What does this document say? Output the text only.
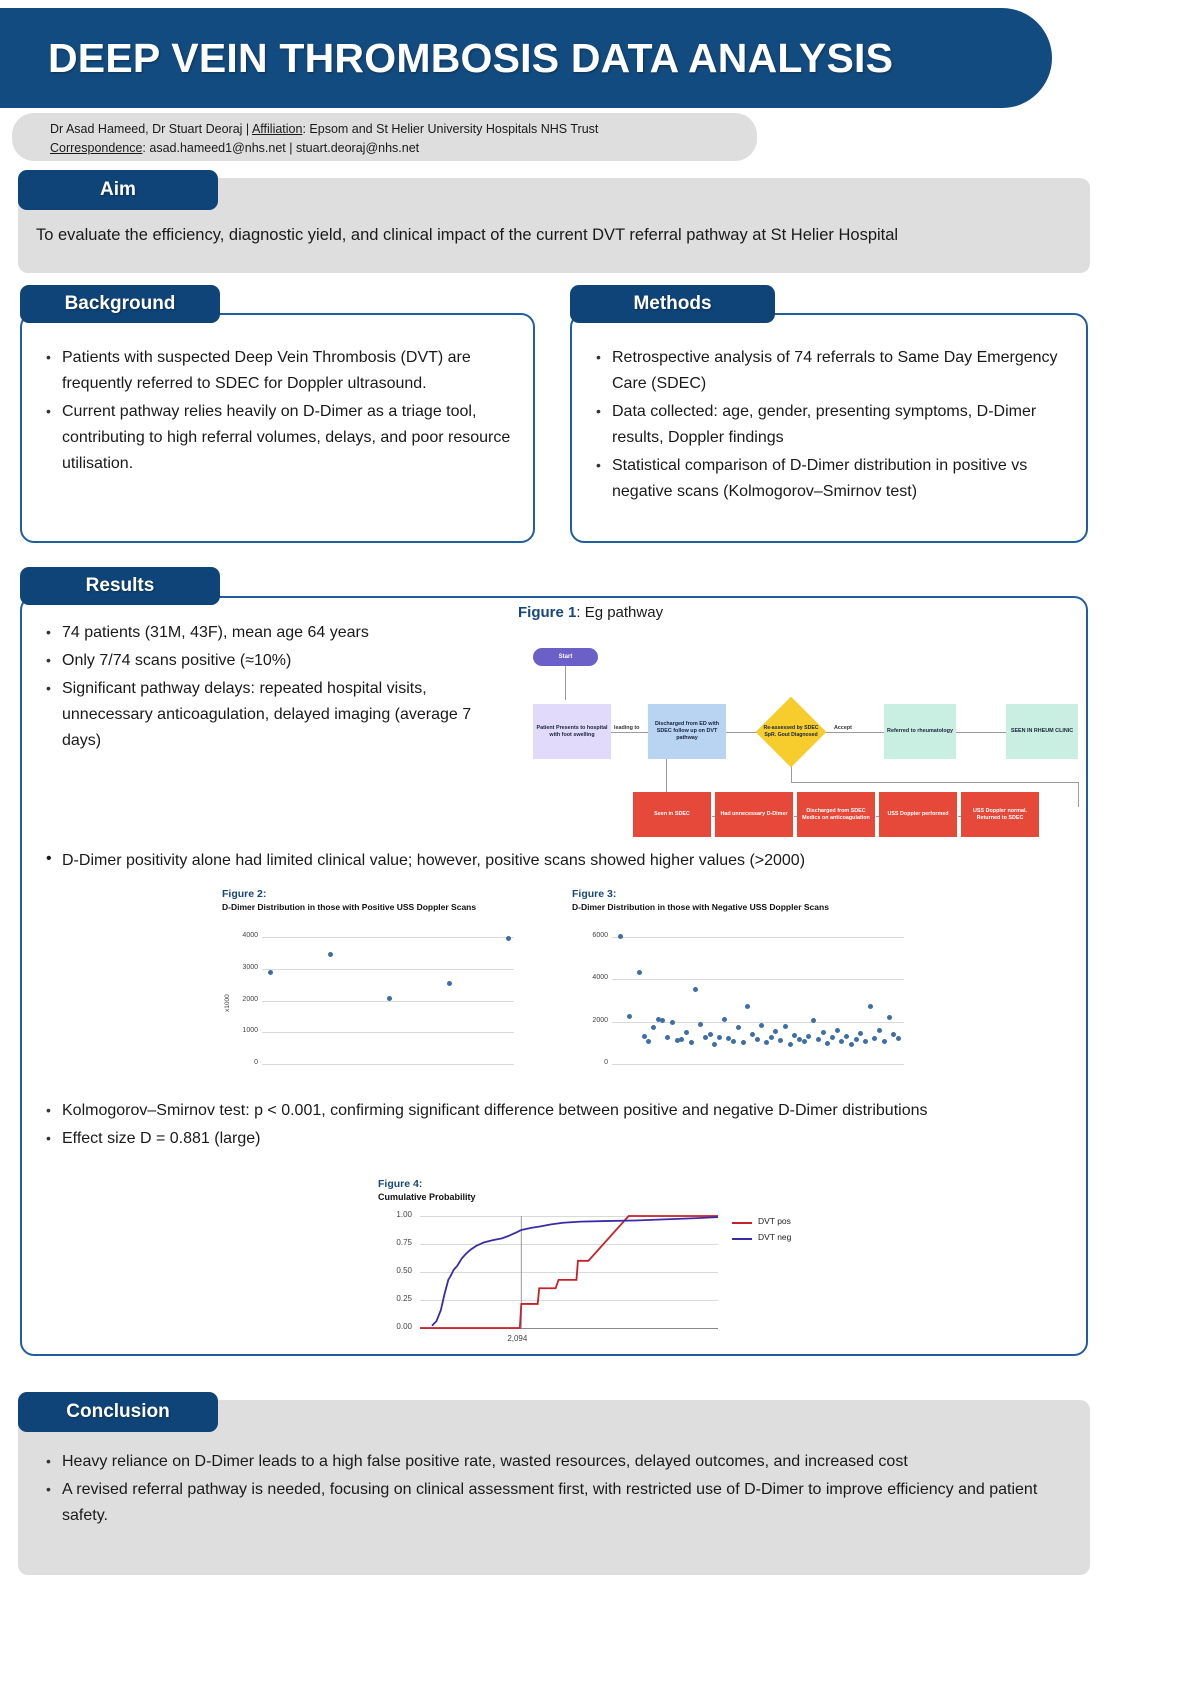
DEEP VEIN THROMBOSIS DATA ANALYSIS
Dr Asad Hameed, Dr Stuart Deoraj | Affiliation: Epsom and St Helier University Hospitals NHS Trust
Correspondence: asad.hameed1@nhs.net | stuart.deoraj@nhs.net
Aim
To evaluate the efficiency, diagnostic yield, and clinical impact of the current DVT referral pathway at St Helier Hospital
• Patients with suspected Deep Vein Thrombosis (DVT) are frequently referred to SDEC for Doppler ultrasound.
• Current pathway relies heavily on D-Dimer as a triage tool, contributing to high referral volumes, delays, and poor resource utilisation.
Background
• Retrospective analysis of 74 referrals to Same Day Emergency Care (SDEC)
• Data collected: age, gender, presenting symptoms, D-Dimer results, Doppler findings
• Statistical comparison of D-Dimer distribution in positive vs negative scans (Kolmogorov–Smirnov test)
Methods
Results
• 74 patients (31M, 43F), mean age 64 years
• Only 7/74 scans positive (≈10%)
• Significant pathway delays: repeated hospital visits, unnecessary anticoagulation, delayed imaging (average 7 days)
• D-Dimer positivity alone had limited clinical value; however, positive scans showed higher values (>2000)
• Kolmogorov–Smirnov test: p < 0.001, confirming significant difference between positive and negative D-Dimer distributions
• Effect size D = 0.881 (large)
Figure 1: Eg pathway
leading to	Accept
Start
Patient Presents to hospital with foot swelling
Discharged from ED with SDEC follow up on DVT pathway
Re-assessed by SDEC SpR. Gout Diagnosed
Referred to rheumatology	SEEN IN RHEUM CLINIC
Seen in SDEC	Had unnecessary D-Dimer
Discharged from SDEC Medics on anticoagulation
USS Doppler performed
USS Doppler normal. Returned to SDEC
Figure 2:
D-Dimer Distribution in those with Positive USS Doppler Scans
0
1000
2000
3000
4000
x1000
Figure 3:
D-Dimer Distribution in those with Negative USS Doppler Scans
0
2000
4000
6000
Figure 4:
Cumulative Probability
0.00
0.25
0.50
0.75
1.00
DVT pos
DVT neg
2,094
Conclusion
• Heavy reliance on D-Dimer leads to a high false positive rate, wasted resources, delayed outcomes, and increased cost
• A revised referral pathway is needed, focusing on clinical assessment first, with restricted use of D-Dimer to improve efficiency and patient safety.
